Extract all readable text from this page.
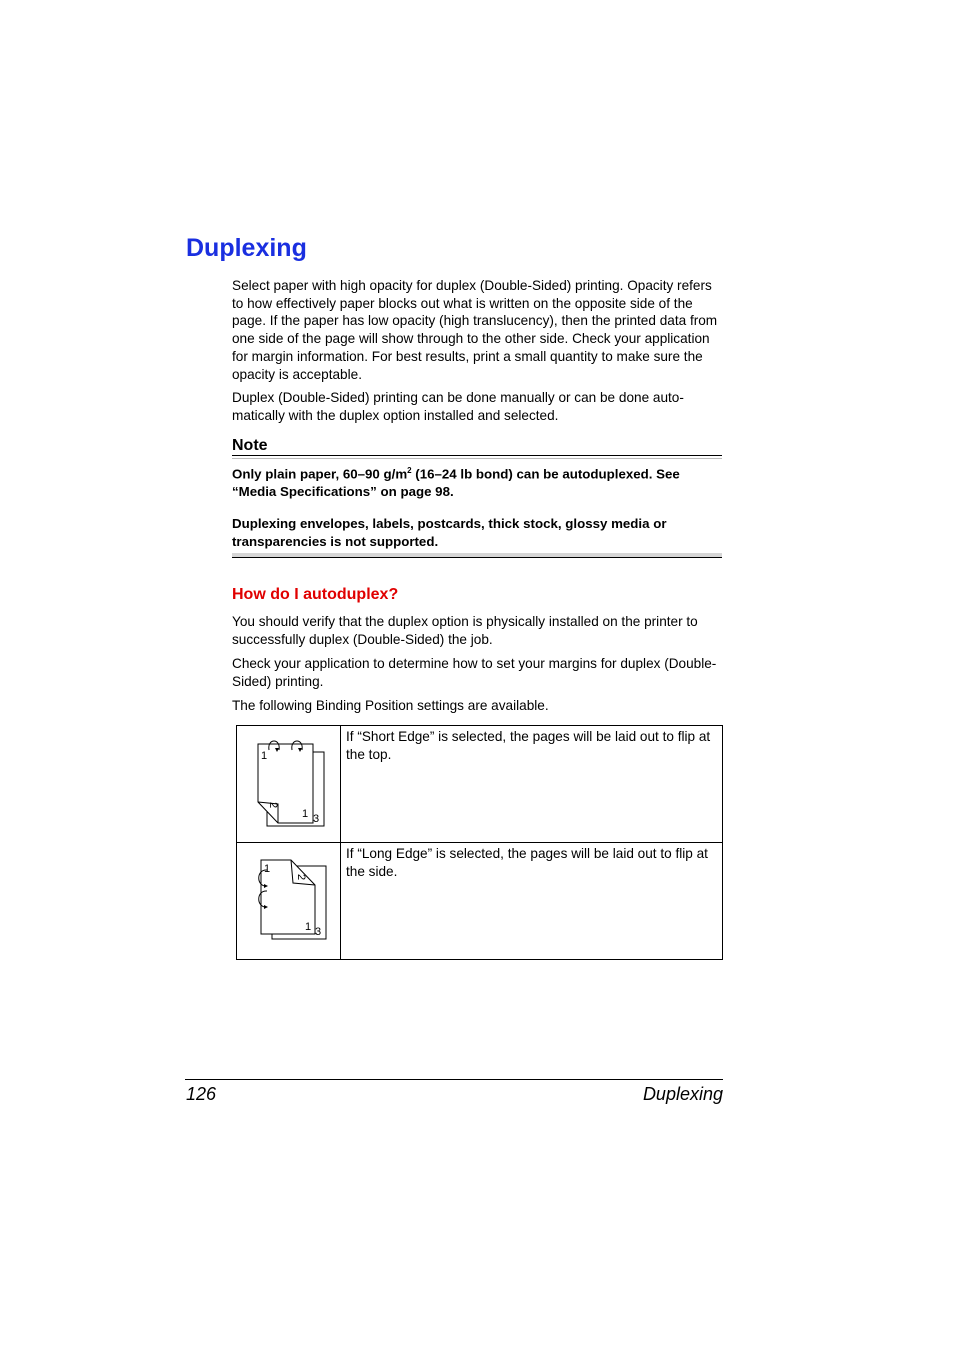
Duplexing

Select paper with high opacity for duplex (Double-Sided) printing. Opacity refers to how effectively paper blocks out what is written on the opposite side of the page. If the paper has low opacity (high translucency), then the printed data from one side of the page will show through to the other side. Check your application for margin information. For best results, print a small quantity to make sure the opacity is acceptable.

Duplex (Double-Sided) printing can be done manually or can be done auto-matically with the duplex option installed and selected.

Note

Only plain paper, 60–90 $g/m^2$ (16–24 lb bond) can be autoduplexed. See “Media Specifications” on page 98.

Duplexing envelopes, labels, postcards, thick stock, glossy media or transparencies is not supported.

How do I autoduplex?

You should verify that the duplex option is physically installed on the printer to successfully duplex (Double-Sided) the job.

Check your application to determine how to set your margins for duplex (Double-Sided) printing.

The following Binding Position settings are available.

1
2
1 3	If “Short Edge” is selected, the pages will be laid out to flip at the top.

1
2
1 3	If “Long Edge” is selected, the pages will be laid out to flip at the side.
126	Duplexing
